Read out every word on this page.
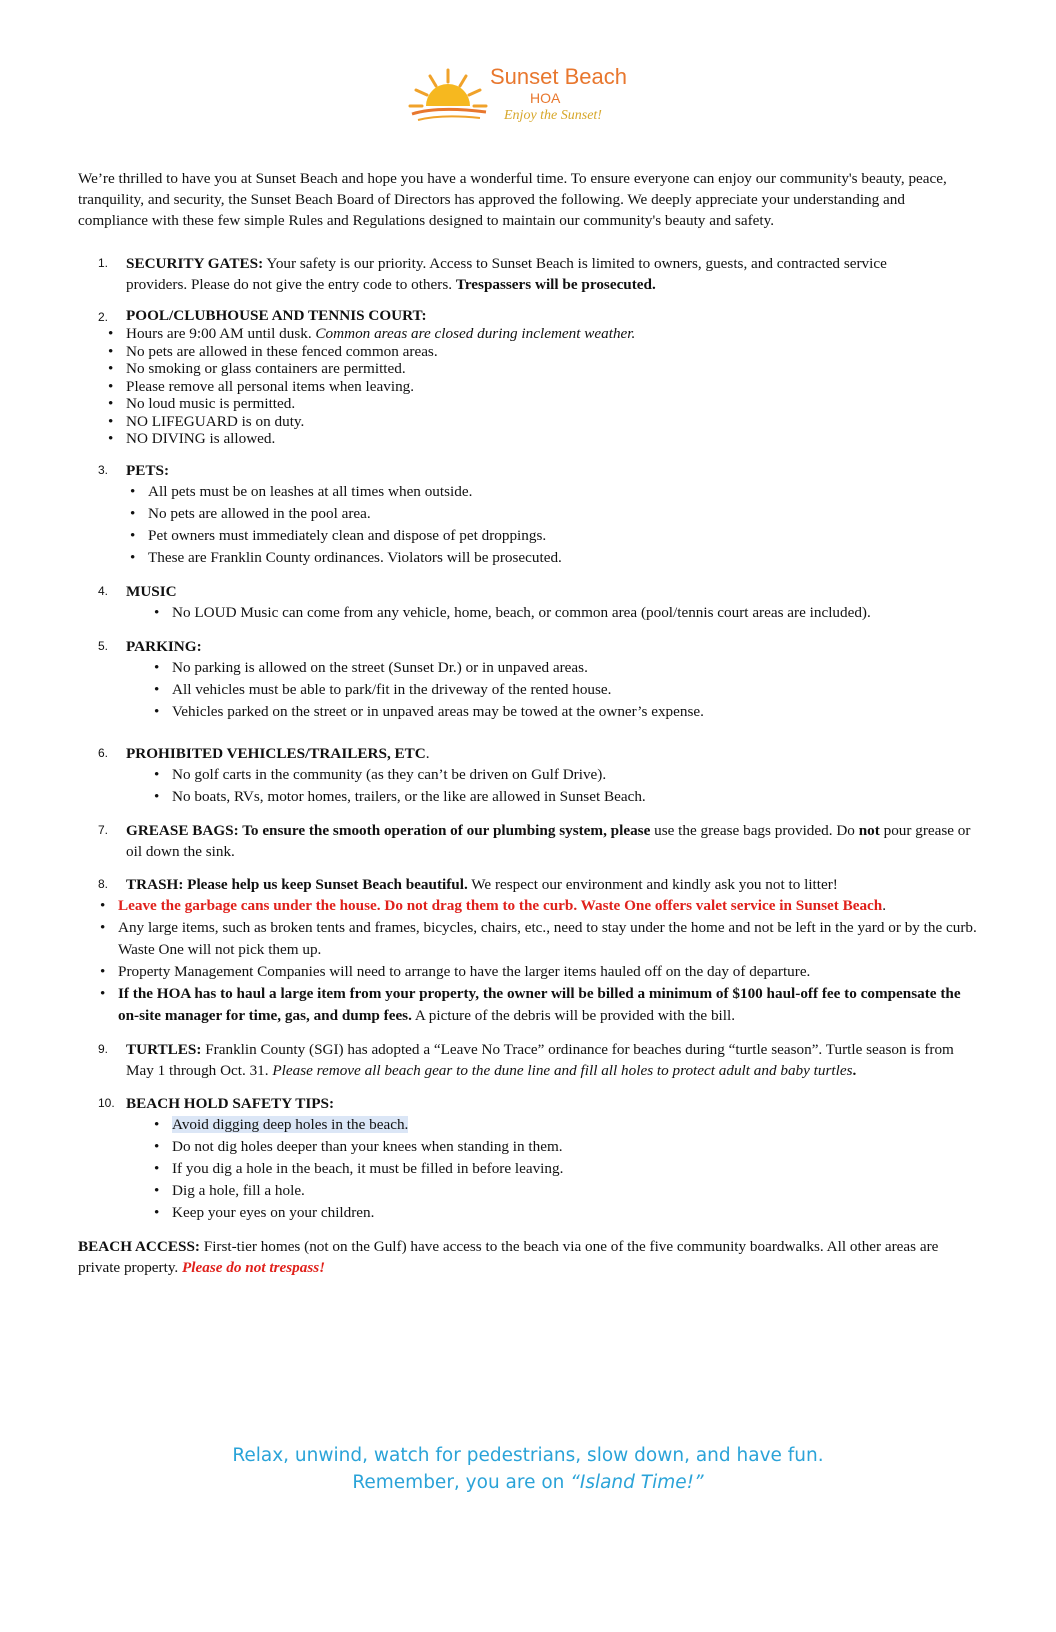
Sunset Beach
HOA
Enjoy the Sunset!

We’re thrilled to have you at Sunset Beach and hope you have a wonderful time. To ensure everyone can enjoy our community's beauty, peace, tranquility, and security, the Sunset Beach Board of Directors has approved the following. We deeply appreciate your understanding and compliance with these few simple Rules and Regulations designed to maintain our community's beauty and safety.

1. SECURITY GATES: Your safety is our priority. Access to Sunset Beach is limited to owners, guests, and contracted service providers. Please do not give the entry code to others. Trespassers will be prosecuted.
2. POOL/CLUBHOUSE AND TENNIS COURT:
• Hours are 9:00 AM until dusk. Common areas are closed during inclement weather.
• No pets are allowed in these fenced common areas.
• No smoking or glass containers are permitted.
• Please remove all personal items when leaving.
• No loud music is permitted.
• NO LIFEGUARD is on duty.
• NO DIVING is allowed.
3. PETS:
• All pets must be on leashes at all times when outside.
• No pets are allowed in the pool area.
• Pet owners must immediately clean and dispose of pet droppings.
• These are Franklin County ordinances. Violators will be prosecuted.
4. MUSIC
• No LOUD Music can come from any vehicle, home, beach, or common area (pool/tennis court areas are included).
5. PARKING:
• No parking is allowed on the street (Sunset Dr.) or in unpaved areas.
• All vehicles must be able to park/fit in the driveway of the rented house.
• Vehicles parked on the street or in unpaved areas may be towed at the owner’s expense.
6. PROHIBITED VEHICLES/TRAILERS, ETC.
• No golf carts in the community (as they can’t be driven on Gulf Drive).
• No boats, RVs, motor homes, trailers, or the like are allowed in Sunset Beach.
7. GREASE BAGS: To ensure the smooth operation of our plumbing system, please use the grease bags provided. Do not pour grease or oil down the sink.
8. TRASH: Please help us keep Sunset Beach beautiful. We respect our environment and kindly ask you not to litter!
• Leave the garbage cans under the house. Do not drag them to the curb. Waste One offers valet service in Sunset Beach.
• Any large items, such as broken tents and frames, bicycles, chairs, etc., need to stay under the home and not be left in the yard or by the curb. Waste One will not pick them up.
• Property Management Companies will need to arrange to have the larger items hauled off on the day of departure.
• If the HOA has to haul a large item from your property, the owner will be billed a minimum of $100 haul-off fee to compensate the on-site manager for time, gas, and dump fees. A picture of the debris will be provided with the bill.
9. TURTLES: Franklin County (SGI) has adopted a “Leave No Trace” ordinance for beaches during “turtle season”. Turtle season is from May 1 through Oct. 31. Please remove all beach gear to the dune line and fill all holes to protect adult and baby turtles.
10. BEACH HOLD SAFETY TIPS:
• Avoid digging deep holes in the beach.
• Do not dig holes deeper than your knees when standing in them.
• If you dig a hole in the beach, it must be filled in before leaving.
• Dig a hole, fill a hole.
• Keep your eyes on your children.

BEACH ACCESS: First-tier homes (not on the Gulf) have access to the beach via one of the five community boardwalks. All other areas are private property. Please do not trespass!

Relax, unwind, watch for pedestrians, slow down, and have fun.
Remember, you are on “Island Time!”
